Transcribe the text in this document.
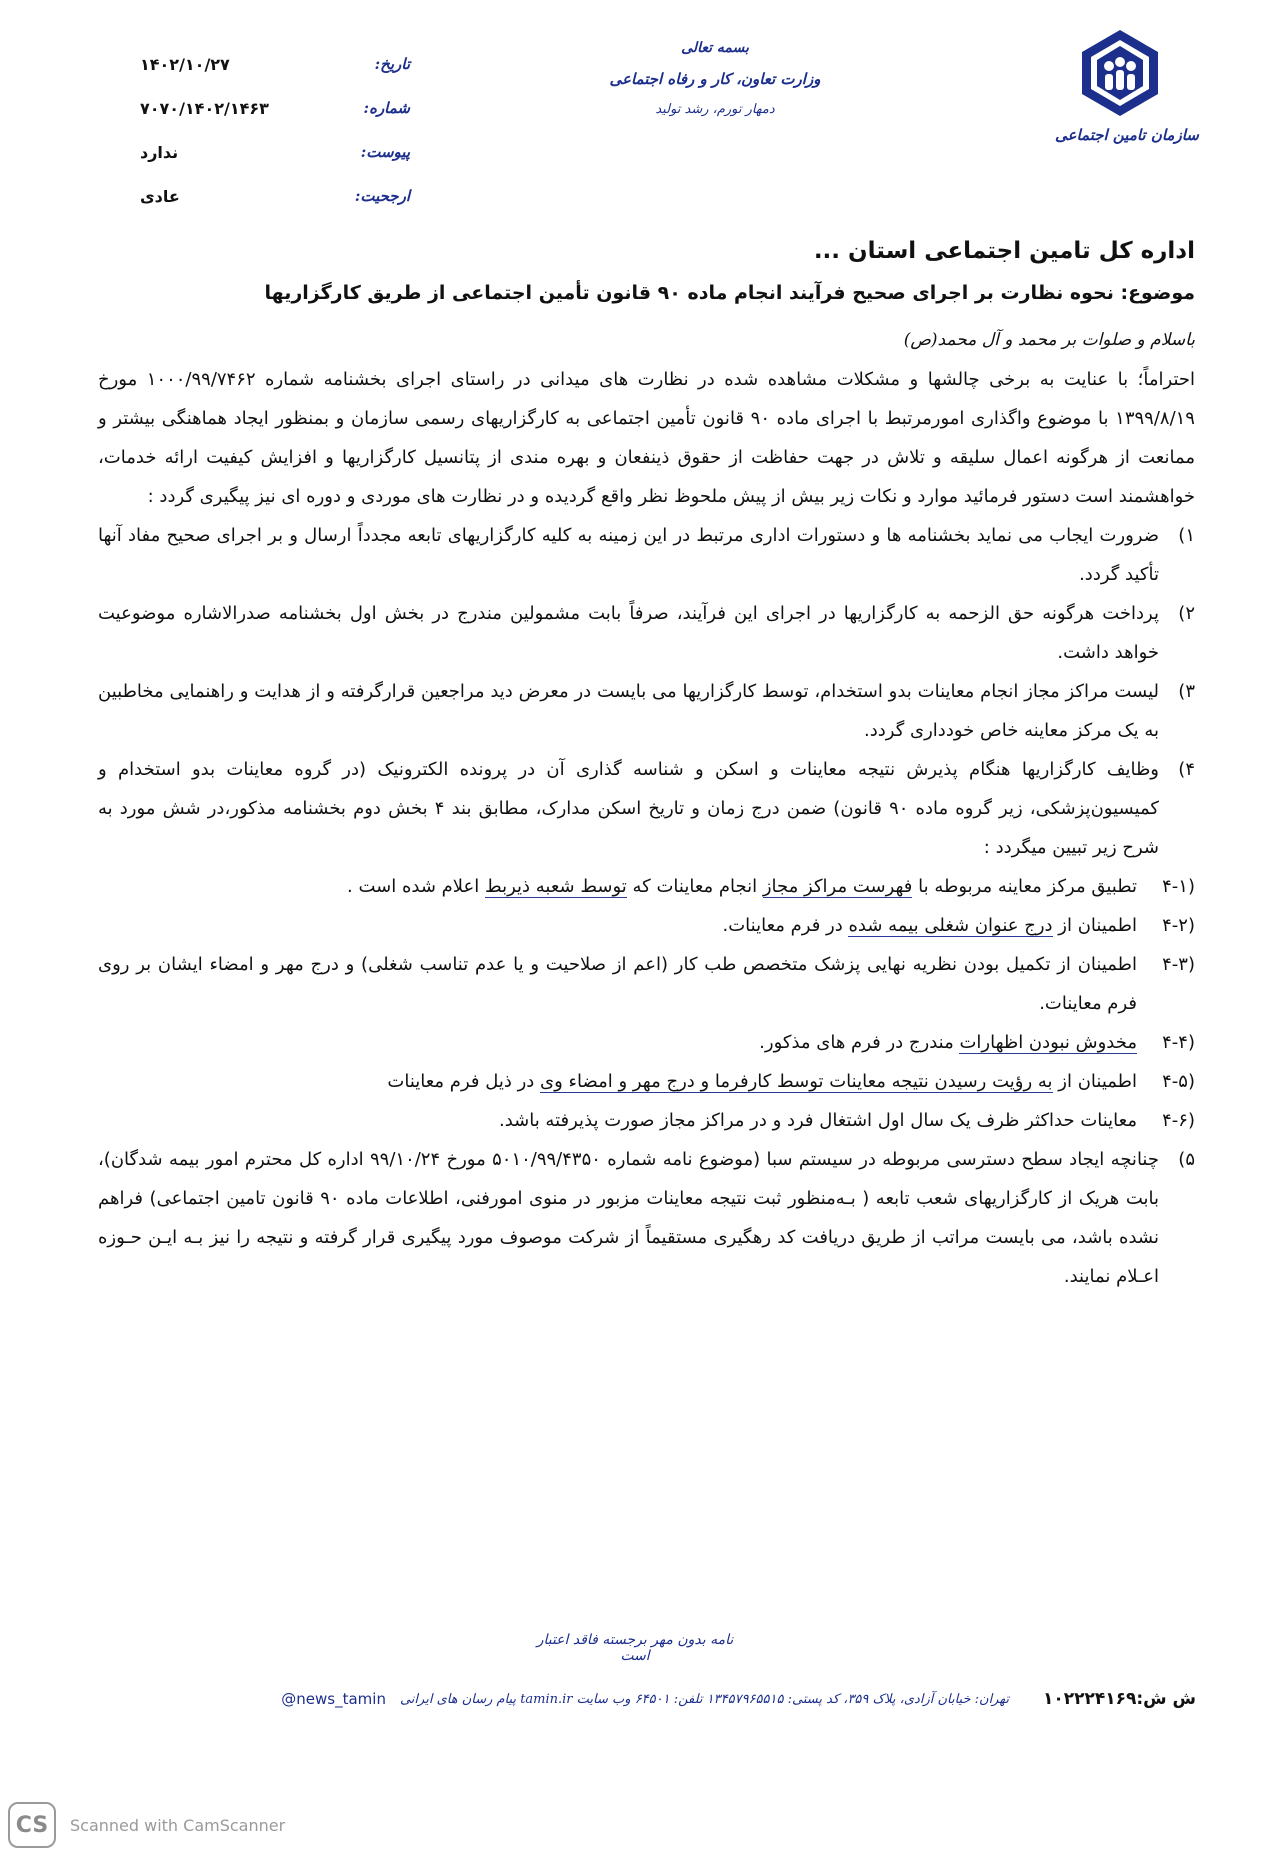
سازمان تامین اجتماعی
بسمه تعالی
وزارت تعاون، کار و رفاه اجتماعی
دمهار تورم، رشد تولید
تاریخ:
۱۴۰۲/۱۰/۲۷
شماره:
۷۰۷۰/۱۴۰۲/۱۴۶۳
پیوست:
ندارد
ارجحیت:
عادی
اداره کل تامین اجتماعی استان ...
موضوع: نحوه نظارت بر اجرای صحیح فرآیند انجام ماده ۹۰ قانون تأمین اجتماعی از طریق کارگزاریها
باسلام و صلوات بر محمد و آل محمد(ص)
احتراماً؛ با عنایت به برخی چالشها و مشکلات مشاهده شده در نظارت های میدانی در راستای اجرای بخشنامه شماره ۱۰۰۰/۹۹/۷۴۶۲ مورخ ۱۳۹۹/۸/۱۹ با موضوع واگذاری امورمرتبط با اجرای ماده ۹۰ قانون تأمین اجتماعی به کارگزاریهای رسمی سازمان و بمنظور ایجاد هماهنگی بیشتر و ممانعت از هرگونه اعمال سلیقه و تلاش در جهت حفاظت از حقوق ذینفعان و بهره مندی از پتانسیل کارگزاریها و افزایش کیفیت ارائه خدمات، خواهشمند است دستور فرمائید موارد و نکات زیر بیش از پیش ملحوظ نظر واقع گردیده و در نظارت های موردی و دوره ای نیز پیگیری گردد :
۱)
ضرورت ایجاب می نماید بخشنامه ها و دستورات اداری مرتبط در این زمینه به کلیه کارگزاریهای تابعه مجدداً ارسال و بر اجرای صحیح مفاد آنها تأکید گردد.
۲)
پرداخت هرگونه حق الزحمه به کارگزاریها در اجرای این فرآیند، صرفاً بابت مشمولین مندرج در بخش اول بخشنامه صدرالاشاره موضوعیت خواهد داشت.
۳)
لیست مراکز مجاز انجام معاینات بدو استخدام، توسط کارگزاریها می بایست در معرض دید مراجعین قرارگرفته و از هدایت و راهنمایی مخاطبین به یک مرکز معاینه خاص خودداری گردد.
۴)
وظایف کارگزاریها هنگام پذیرش نتیجه معاینات و اسکن و شناسه گذاری آن در پرونده الکترونیک (در گروه معاینات بدو استخدام و کمیسیون‌پزشکی، زیر گروه ماده ۹۰ قانون) ضمن درج زمان و تاریخ اسکن مدارک، مطابق بند ۴ بخش دوم بخشنامه مذکور،در شش مورد به شرح زیر تبیین میگردد :
۴-۱)
تطبیق مرکز معاینه مربوطه با فهرست مراکز مجاز انجام معاینات که توسط شعبه ذیربط اعلام شده است .
۴-۲)
اطمینان از درج عنوان شغلی بیمه شده در فرم معاینات.
۴-۳)
اطمینان از تکمیل بودن نظریه نهایی پزشک متخصص طب کار (اعم از صلاحیت و یا عدم تناسب شغلی) و درج مهر و امضاء ایشان بر روی فرم معاینات.
۴-۴)
مخدوش نبودن اظهارات مندرج در فرم های مذکور.
۴-۵)
اطمینان از به رؤیت رسیدن نتیجه معاینات توسط کارفرما و درج مهر و امضاء وی در ذیل فرم معاینات
۴-۶)
معاینات حداکثر ظرف یک سال اول اشتغال فرد و در مراکز مجاز صورت پذیرفته باشد.
۵)
چنانچه ایجاد سطح دسترسی مربوطه در سیستم سبا (موضوع نامه شماره ۵۰۱۰/۹۹/۴۳۵۰ مورخ ۹۹/۱۰/۲۴ اداره کل محترم امور بیمه شدگان)، بابت هریک از کارگزاریهای شعب تابعه ( بـه‌منظور ثبت نتیجه معاینات مزبور در منوی امورفنی، اطلاعات ماده ۹۰ قانون تامین اجتماعی) فراهم نشده باشد، می بایست مراتب از طریق دریافت کد رهگیری مستقیماً از شرکت موصوف مورد پیگیری قرار گرفته و نتیجه را نیز بـه ایـن حـوزه اعـلام نمایند.
نامه بدون مهر برجسته فاقد اعتبار است
ش ش:۱۰۲۲۲۴۱۶۹
تهران: خیابان آزادی، پلاک ۳۵۹، کد پستی: ۱۳۴۵۷۹۶۵۵۱۵ تلفن: ۶۴۵۰۱ وب سایت tamin.ir پیام رسان های ایرانی
@news_tamin
CS	Scanned with CamScanner
